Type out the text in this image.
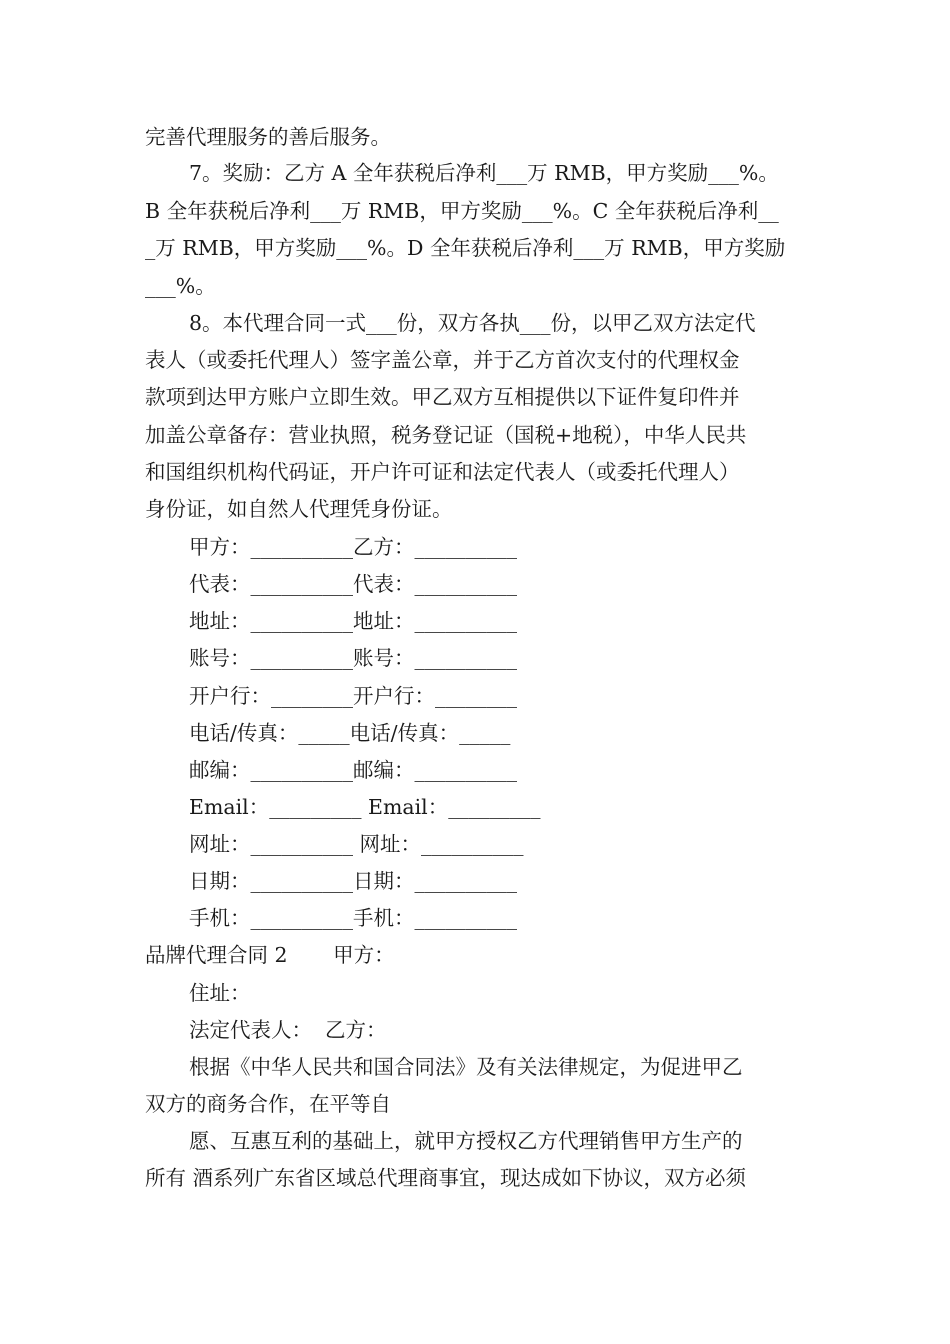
完善代理服务的善后服务。
7。奖励：乙方 A 全年获税后净利___万 RMB，甲方奖励___%。
B 全年获税后净利___万 RMB，甲方奖励___%。C 全年获税后净利__
_万 RMB，甲方奖励___%。D 全年获税后净利___万 RMB，甲方奖励
___%。
8。本代理合同一式___份，双方各执___份，以甲乙双方法定代
表人（或委托代理人）签字盖公章，并于乙方首次支付的代理权金
款项到达甲方账户立即生效。甲乙双方互相提供以下证件复印件并
加盖公章备存：营业执照，税务登记证（国税+地税），中华人民共
和国组织机构代码证，开户许可证和法定代表人（或委托代理人）
身份证，如自然人代理凭身份证。
甲方：__________乙方：__________
代表：__________代表：__________
地址：__________地址：__________
账号：__________账号：__________
开户行：________开户行：________
电话/传真：_____电话/传真：_____
邮编：__________邮编：__________
Email：_________ Email：_________
网址：__________ 网址：__________
日期：__________日期：__________
手机：__________手机：__________
品牌代理合同 2       甲方：
住址：
法定代表人：  乙方：
根据《中华人民共和国合同法》及有关法律规定，为促进甲乙
双方的商务合作，在平等自
愿、互惠互利的基础上，就甲方授权乙方代理销售甲方生产的
所有 酒系列广东省区域总代理商事宜，现达成如下协议，双方必须
